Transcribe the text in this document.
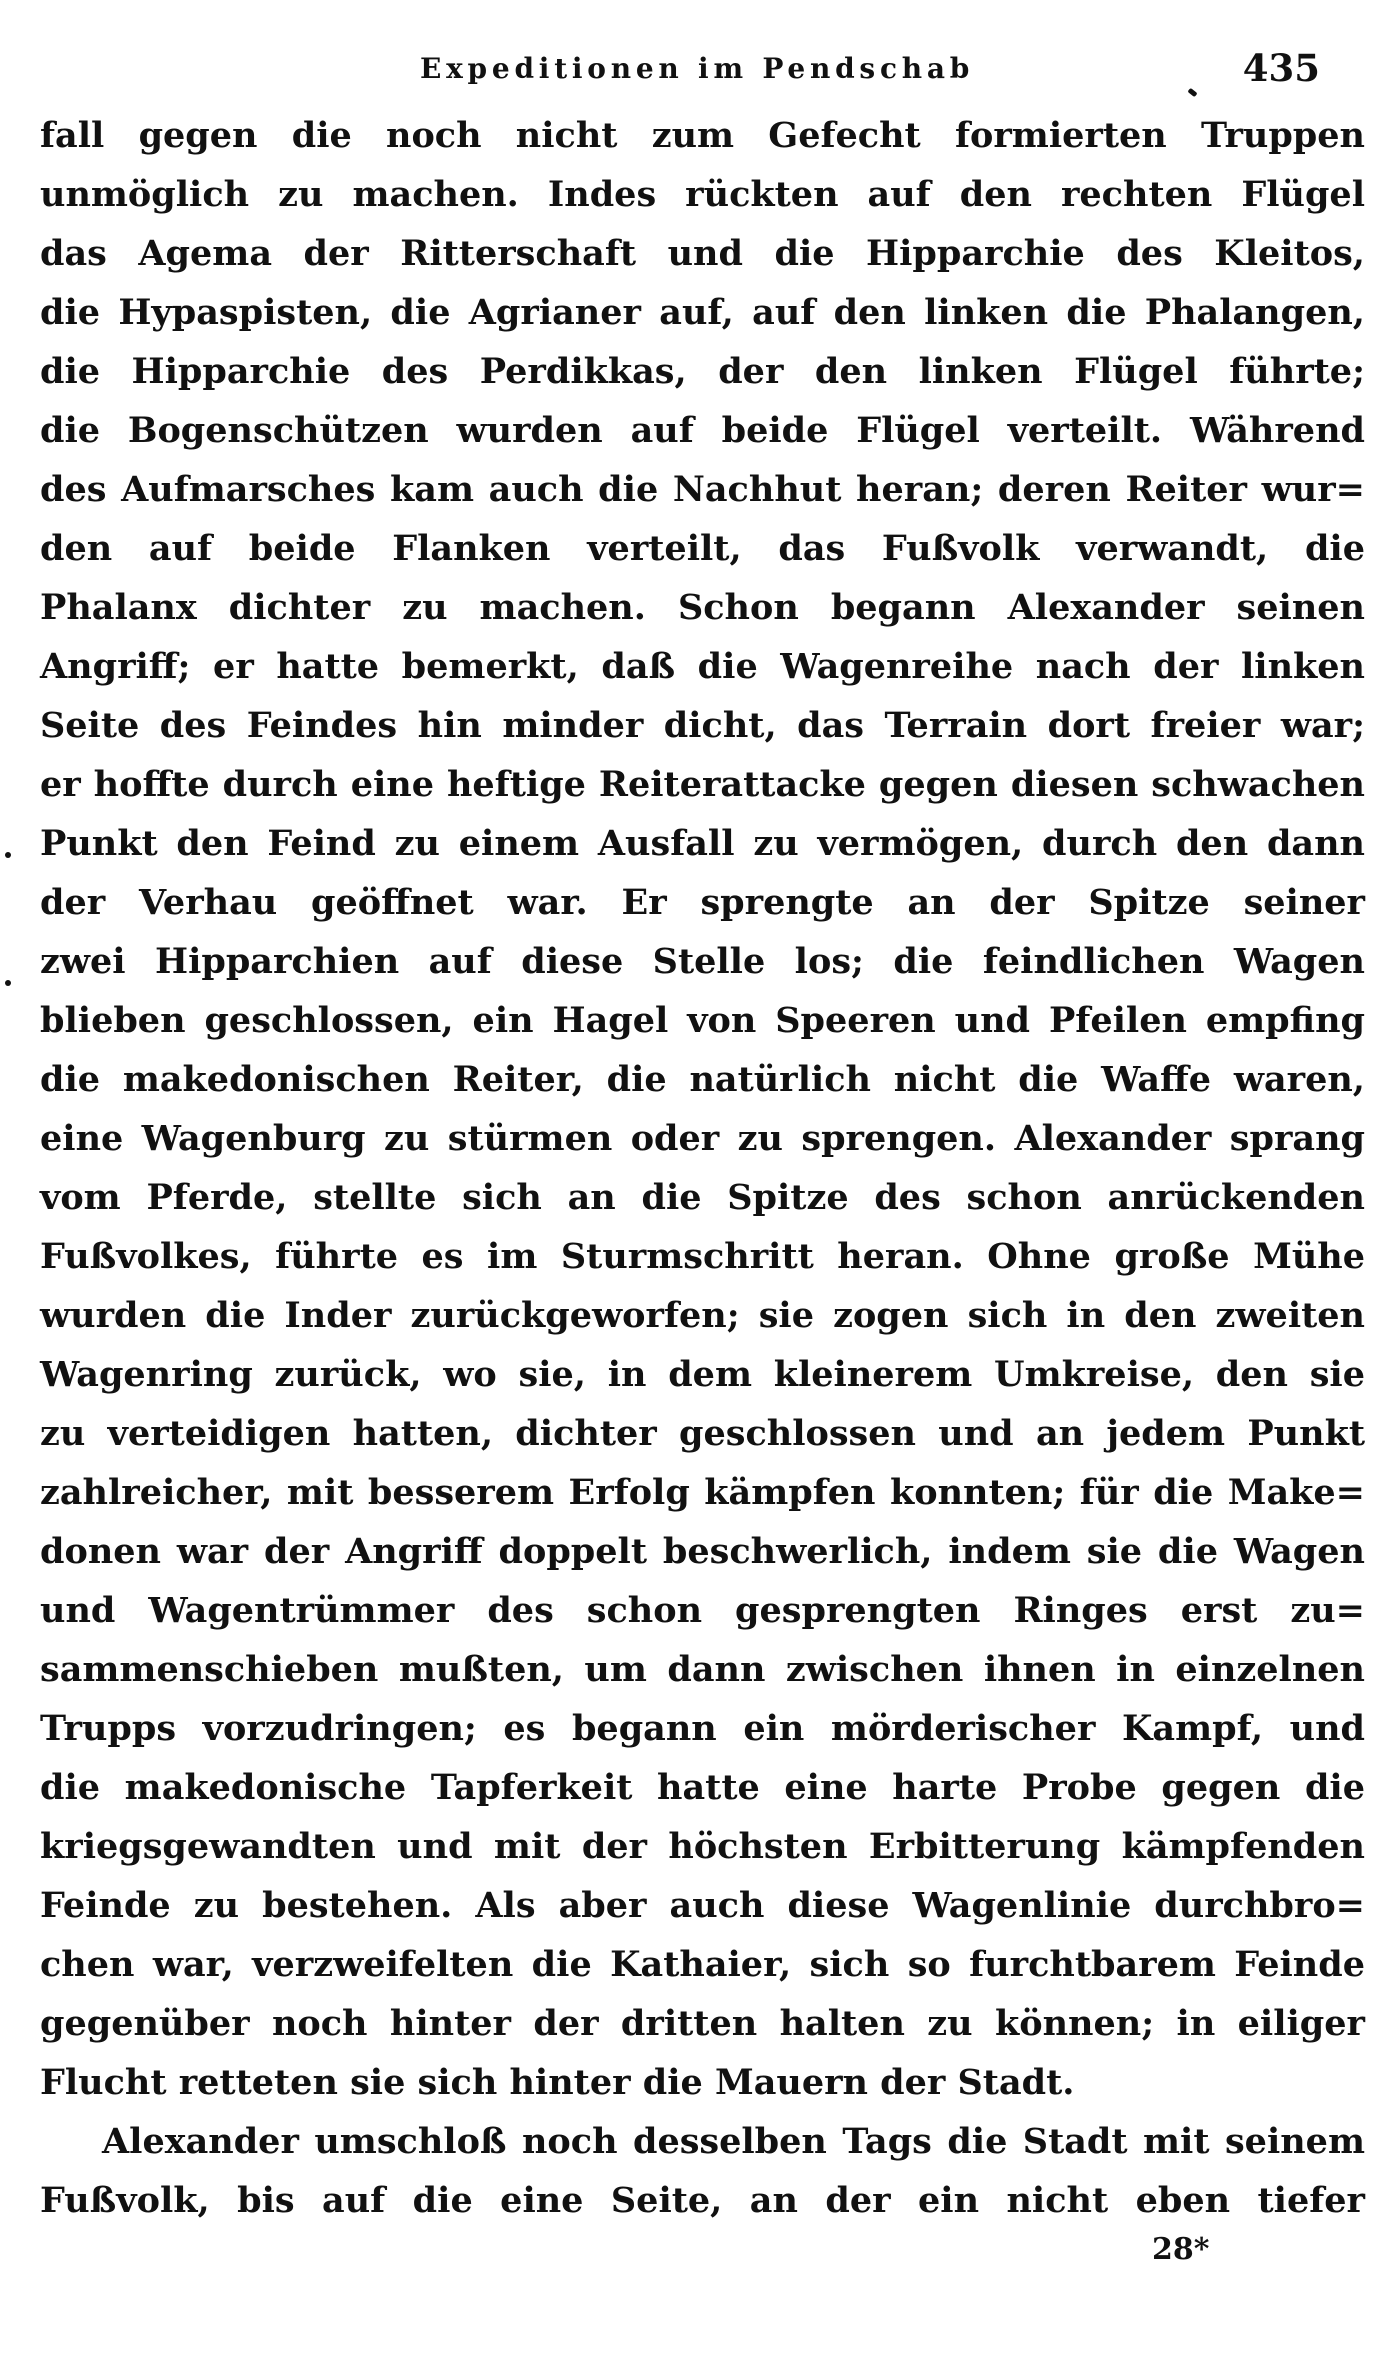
Expeditionen im Pendschab	435
fall gegen die noch nicht zum Gefecht formierten Truppen
unmöglich zu machen. Indes rückten auf den rechten Flügel
das Agema der Ritterschaft und die Hipparchie des Kleitos,
die Hypaspisten, die Agrianer auf, auf den linken die Phalangen,
die Hipparchie des Perdikkas, der den linken Flügel führte;
die Bogenschützen wurden auf beide Flügel verteilt. Während
des Aufmarsches kam auch die Nachhut heran; deren Reiter wur=
den auf beide Flanken verteilt, das Fußvolk verwandt, die
Phalanx dichter zu machen. Schon begann Alexander seinen
Angriff; er hatte bemerkt, daß die Wagenreihe nach der linken
Seite des Feindes hin minder dicht, das Terrain dort freier war;
er hoffte durch eine heftige Reiterattacke gegen diesen schwachen
Punkt den Feind zu einem Ausfall zu vermögen, durch den dann
der Verhau geöffnet war. Er sprengte an der Spitze seiner
zwei Hipparchien auf diese Stelle los; die feindlichen Wagen
blieben geschlossen, ein Hagel von Speeren und Pfeilen empfing
die makedonischen Reiter, die natürlich nicht die Waffe waren,
eine Wagenburg zu stürmen oder zu sprengen. Alexander sprang
vom Pferde, stellte sich an die Spitze des schon anrückenden
Fußvolkes, führte es im Sturmschritt heran. Ohne große Mühe
wurden die Inder zurückgeworfen; sie zogen sich in den zweiten
Wagenring zurück, wo sie, in dem kleinerem Umkreise, den sie
zu verteidigen hatten, dichter geschlossen und an jedem Punkt
zahlreicher, mit besserem Erfolg kämpfen konnten; für die Make=
donen war der Angriff doppelt beschwerlich, indem sie die Wagen
und Wagentrümmer des schon gesprengten Ringes erst zu=
sammenschieben mußten, um dann zwischen ihnen in einzelnen
Trupps vorzudringen; es begann ein mörderischer Kampf, und
die makedonische Tapferkeit hatte eine harte Probe gegen die
kriegsgewandten und mit der höchsten Erbitterung kämpfenden
Feinde zu bestehen. Als aber auch diese Wagenlinie durchbro=
chen war, verzweifelten die Kathaier, sich so furchtbarem Feinde
gegenüber noch hinter der dritten halten zu können; in eiliger
Flucht retteten sie sich hinter die Mauern der Stadt.
Alexander umschloß noch desselben Tags die Stadt mit seinem
Fußvolk, bis auf die eine Seite, an der ein nicht eben tiefer
28*
